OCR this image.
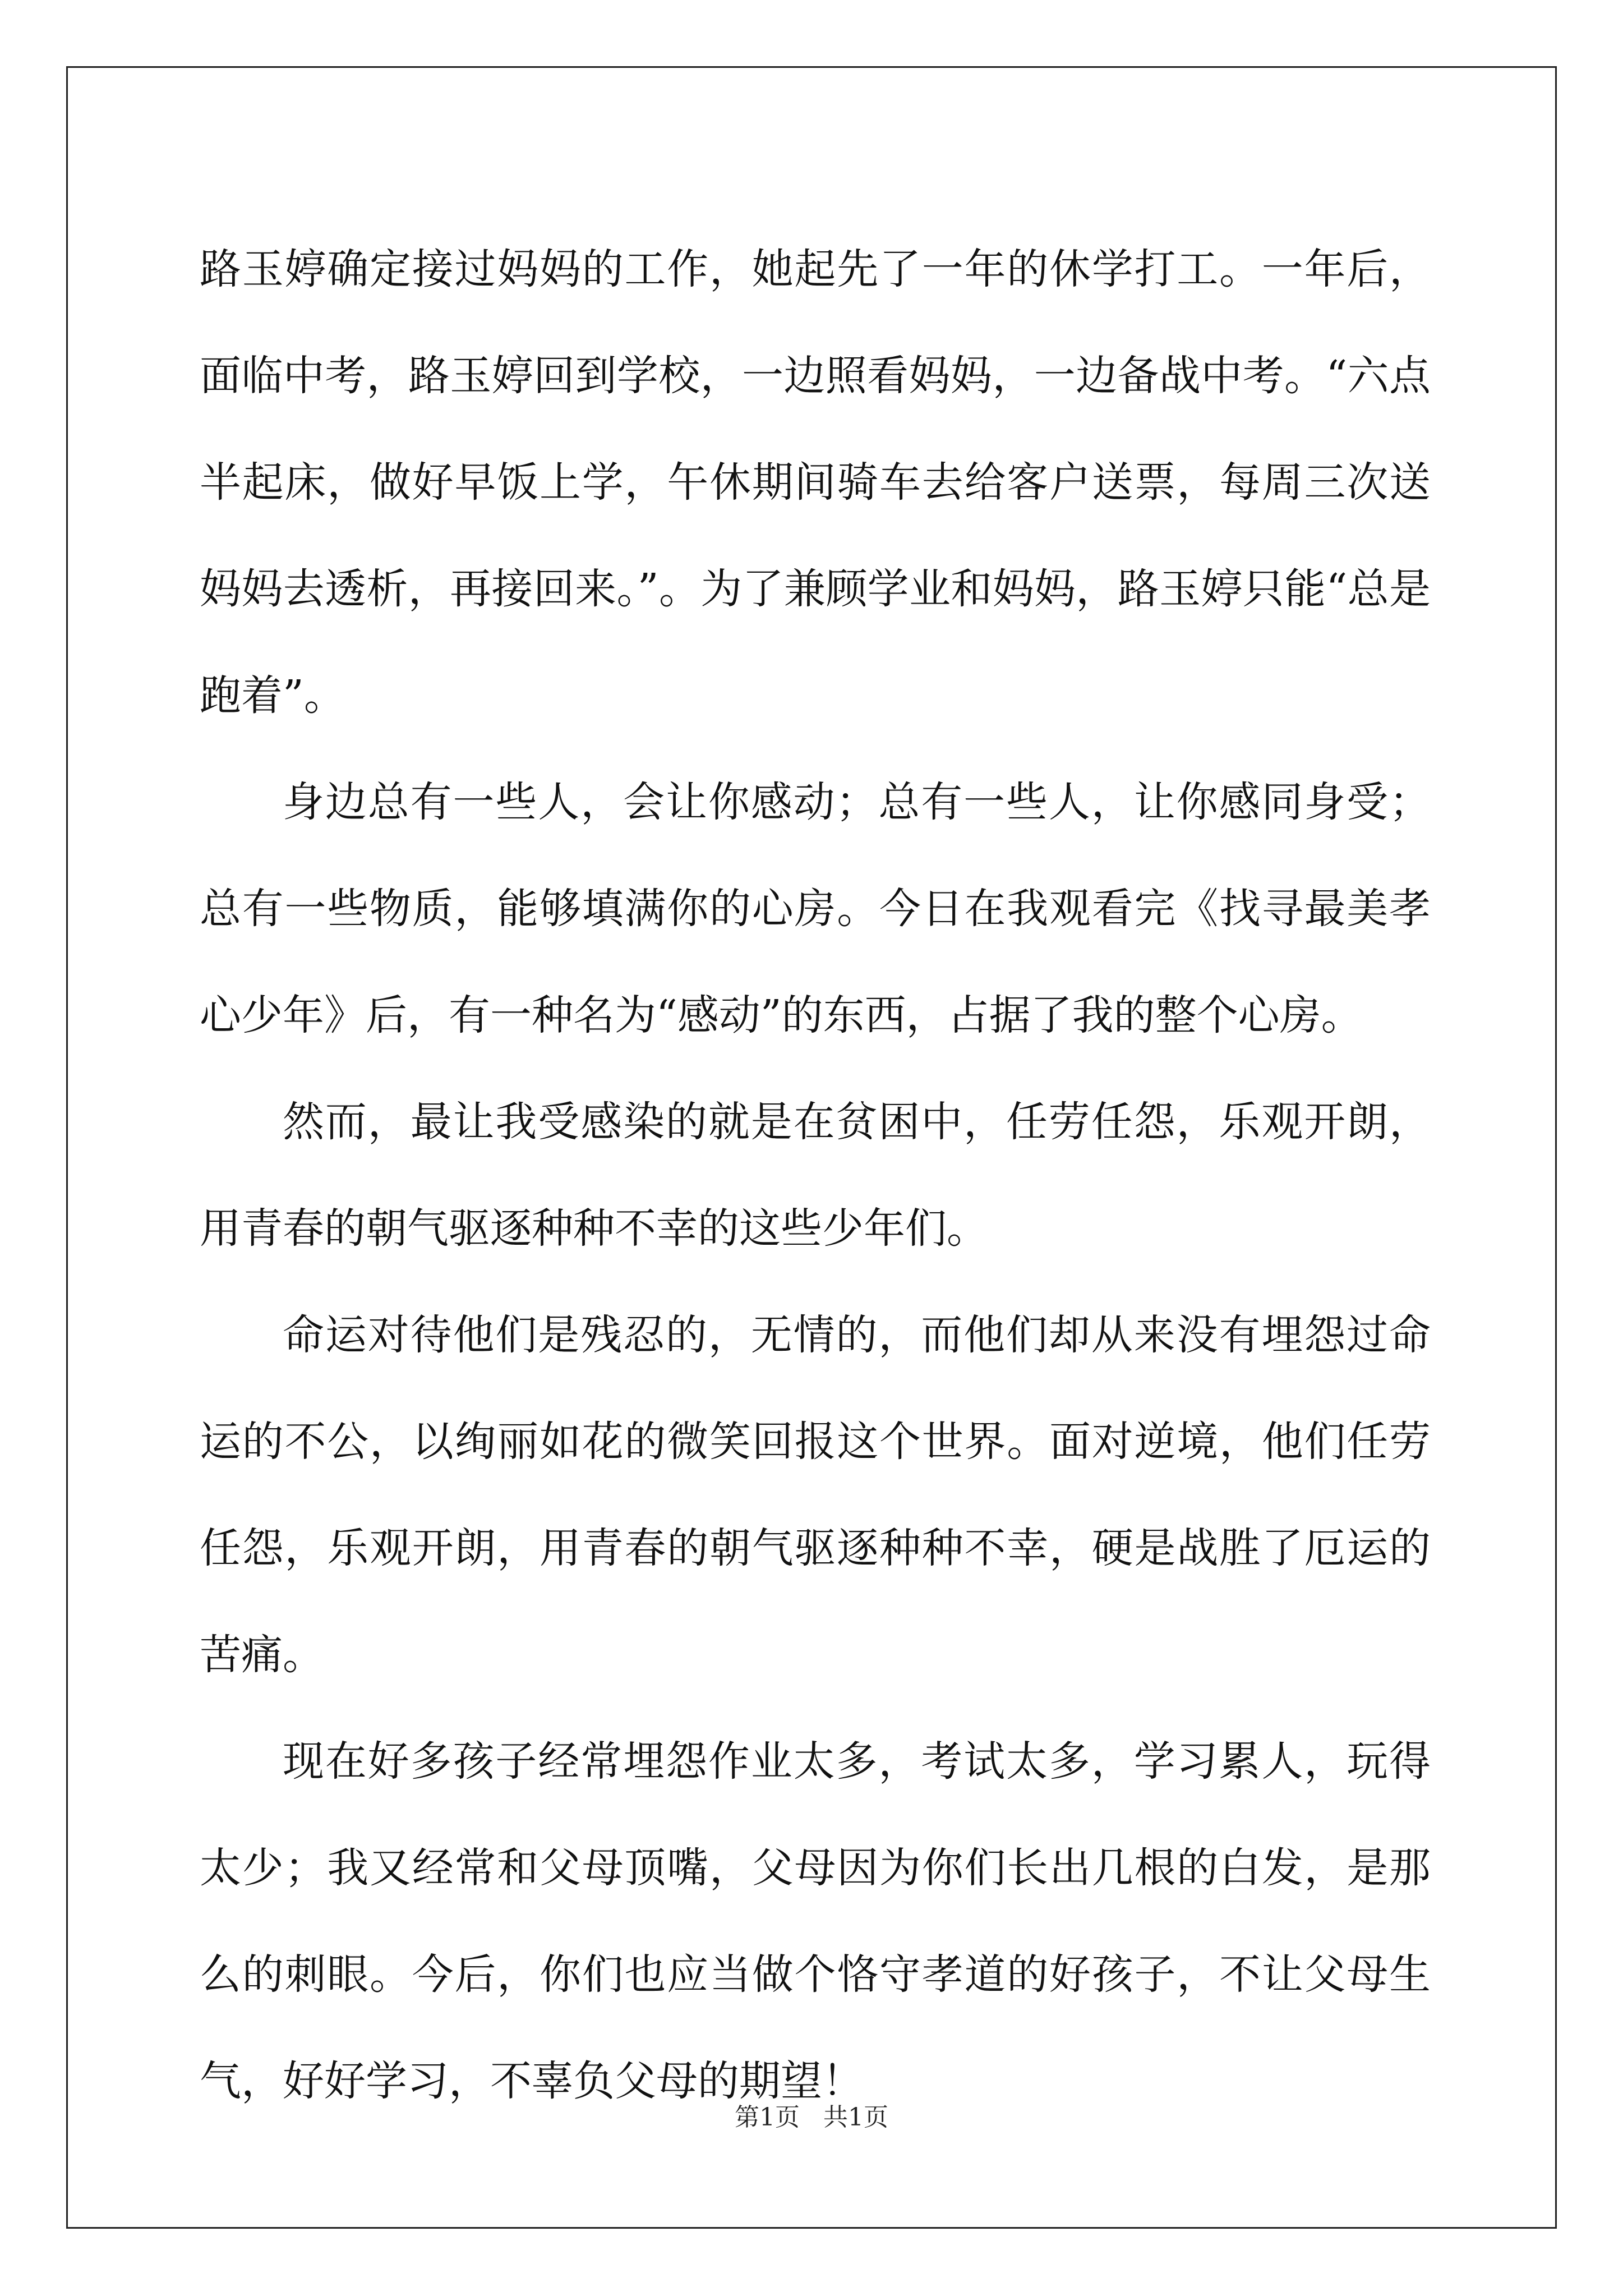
路玉婷确定接过妈妈的工作，她起先了一年的休学打工。一年后，面临中考，路玉婷回到学校，一边照看妈妈，一边备战中考。“六点半起床，做好早饭上学，午休期间骑车去给客户送票，每周三次送妈妈去透析，再接回来。”。为了兼顾学业和妈妈，路玉婷只能“总是跑着”。

身边总有一些人，会让你感动；总有一些人，让你感同身受；总有一些物质，能够填满你的心房。今日在我观看完《找寻最美孝心少年》后，有一种名为“感动”的东西，占据了我的整个心房。

然而，最让我受感染的就是在贫困中，任劳任怨，乐观开朗，用青春的朝气驱逐种种不幸的这些少年们。

命运对待他们是残忍的，无情的，而他们却从来没有埋怨过命运的不公，以绚丽如花的微笑回报这个世界。面对逆境，他们任劳任怨，乐观开朗，用青春的朝气驱逐种种不幸，硬是战胜了厄运的苦痛。

现在好多孩子经常埋怨作业太多，考试太多，学习累人，玩得太少；我又经常和父母顶嘴，父母因为你们长出几根的白发，是那么的刺眼。今后，你们也应当做个恪守孝道的好孩子，不让父母生气，好好学习，不辜负父母的期望！

第1页 共1页
